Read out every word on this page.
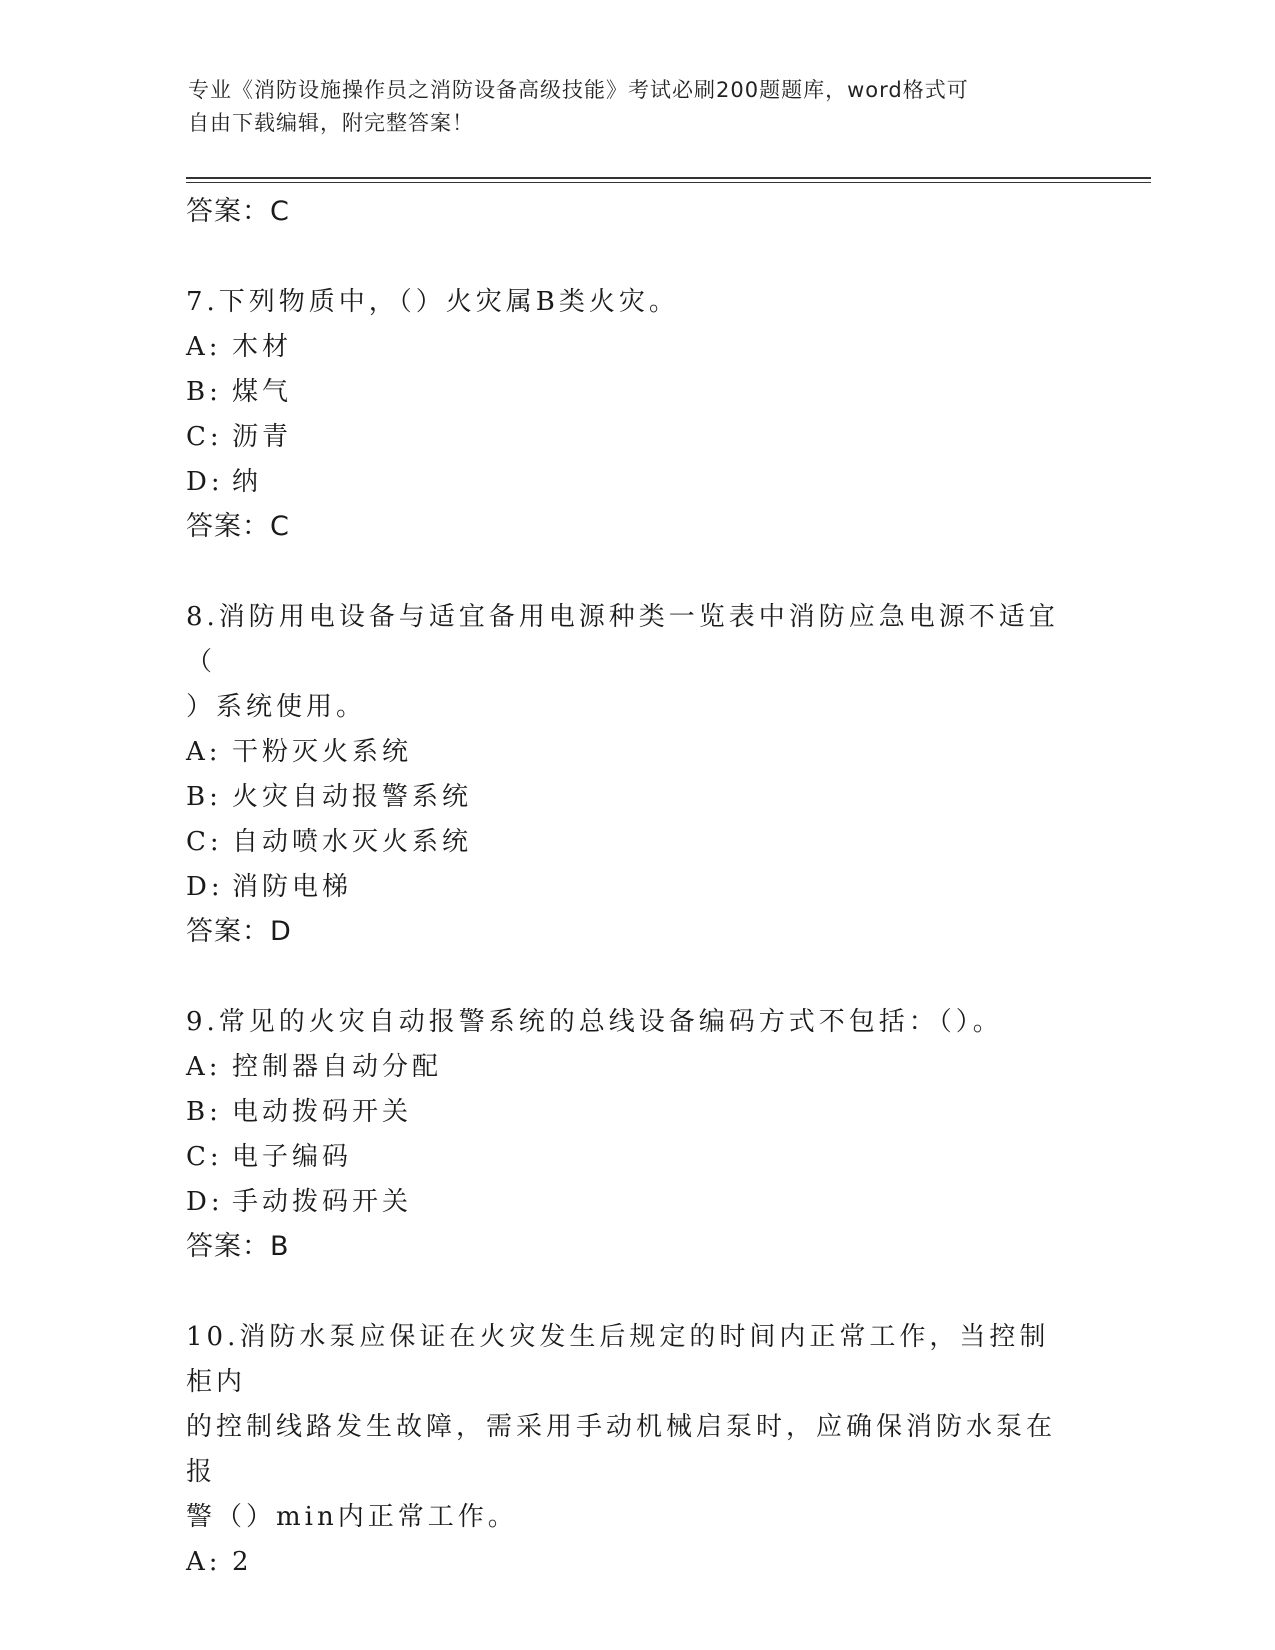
专业《消防设施操作员之消防设备高级技能》考试必刷200题题库，word格式可
自由下载编辑，附完整答案！
答案：C

7.下列物质中，（）火灾属B类火灾。

A: 木材
B: 煤气
C: 沥青
D: 纳
答案：C

8.消防用电设备与适宜备用电源种类一览表中消防应急电源不适宜（

）系统使用。

A: 干粉灭火系统
B: 火灾自动报警系统
C: 自动喷水灭火系统
D: 消防电梯
答案：D

9.常见的火灾自动报警系统的总线设备编码方式不包括：（）。

A: 控制器自动分配
B: 电动拨码开关
C: 电子编码
D: 手动拨码开关
答案：B

10.消防水泵应保证在火灾发生后规定的时间内正常工作，当控制柜内

的控制线路发生故障，需采用手动机械启泵时，应确保消防水泵在报

警（）min内正常工作。

A: 2
